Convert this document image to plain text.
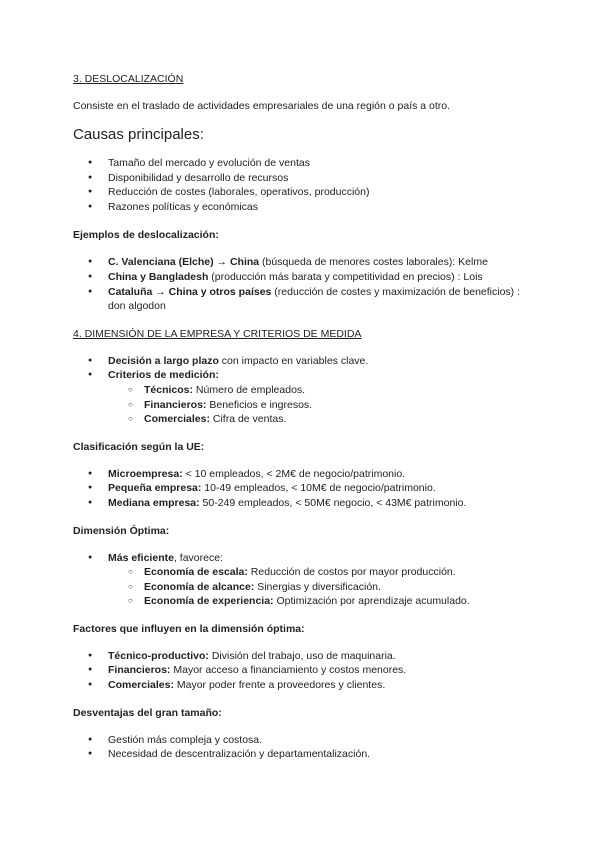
3. DESLOCALIZACIÓN

Consiste en el traslado de actividades empresariales de una región o país a otro.

Causas principales:

● Tamaño del mercado y evolución de ventas
● Disponibilidad y desarrollo de recursos
● Reducción de costes (laborales, operativos, producción)
● Razones políticas y económicas

Ejemplos de deslocalización:

● C. Valenciana (Elche) → China (búsqueda de menores costes laborales): Kelme
● China y Bangladesh (producción más barata y competitividad en precios) : Lois
● Cataluña → China y otros países (reducción de costes y maximización de beneficios) : don algodon

4. DIMENSIÓN DE LA EMPRESA Y CRITERIOS DE MEDIDA

● Decisión a largo plazo con impacto en variables clave.
● Criterios de medición:
○ Técnicos: Número de empleados.
○ Financieros: Beneficios e ingresos.
○ Comerciales: Cifra de ventas.

Clasificación según la UE:

● Microempresa: < 10 empleados, < 2M€ de negocio/patrimonio.
● Pequeña empresa: 10-49 empleados, < 10M€ de negocio/patrimonio.
● Mediana empresa: 50-249 empleados, < 50M€ negocio, < 43M€ patrimonio.

Dimensión Óptima:

● Más eficiente, favorece:
○ Economía de escala: Reducción de costos por mayor producción.
○ Economía de alcance: Sinergias y diversificación.
○ Economía de experiencia: Optimización por aprendizaje acumulado.

Factores que influyen en la dimensión óptima:

● Técnico-productivo: División del trabajo, uso de maquinaria.
● Financieros: Mayor acceso a financiamiento y costos menores.
● Comerciales: Mayor poder frente a proveedores y clientes.

Desventajas del gran tamaño:

● Gestión más compleja y costosa.
● Necesidad de descentralización y departamentalización.
